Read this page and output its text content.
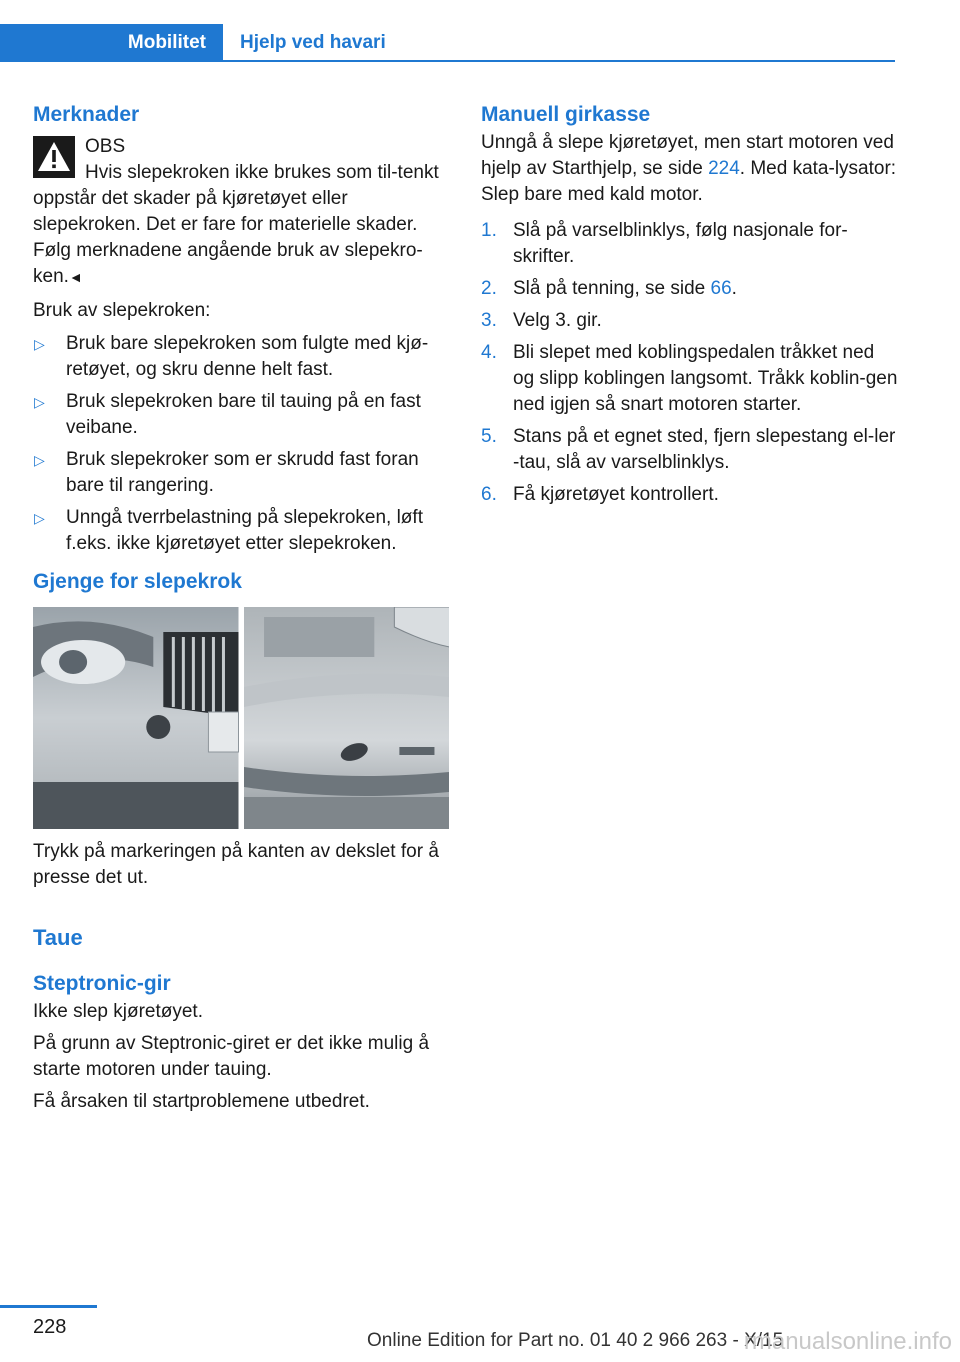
Mobilitet	Hjelp ved havari
Merknader

OBS

Hvis slepekroken ikke brukes som til-tenkt oppstår det skader på kjøretøyet eller slepekroken. Det er fare for materielle skader. Følg merknadene angående bruk av slepekro-ken.◄

Bruk av slepekroken:

▷ Bruk bare slepekroken som fulgte med kjø-retøyet, og skru denne helt fast.
▷ Bruk slepekroken bare til tauing på en fast veibane.
▷ Bruk slepekroker som er skrudd fast foran bare til rangering.
▷ Unngå tverrbelastning på slepekroken, løft f.eks. ikke kjøretøyet etter slepekroken.
Gjenge for slepekrok

Trykk på markeringen på kanten av dekslet for å presse det ut.

Taue
Steptronic-gir

Ikke slep kjøretøyet.

På grunn av Steptronic-giret er det ikke mulig å starte motoren under tauing.

Få årsaken til startproblemene utbedret.

Manuell girkasse

Unngå å slepe kjøretøyet, men start motoren ved hjelp av Starthjelp, se side 224. Med kata-lysator: Slep bare med kald motor.

1. Slå på varselblinklys, følg nasjonale for-skrifter.
2. Slå på tenning, se side 66.
3. Velg 3. gir.
4. Bli slepet med koblingspedalen tråkket ned og slipp koblingen langsomt. Tråkk koblin-gen ned igjen så snart motoren starter.
5. Stans på et egnet sted, fjern slepestang el-ler -tau, slå av varselblinklys.
6. Få kjøretøyet kontrollert.
228
Online Edition for Part no. 01 40 2 966 263 - X/15
rmanualsonline.info
